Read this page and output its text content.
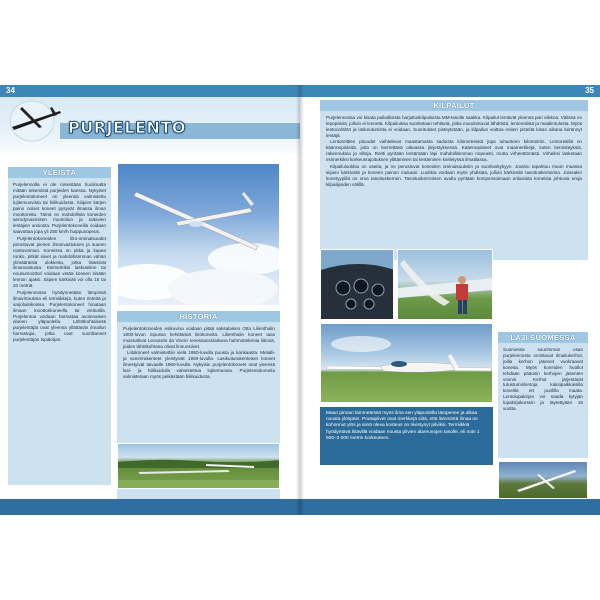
34
PURJELENTO
YLEISTÄ

Purjelennolla ei ole nimestään huolimatta mitään tekemistä purjeiden kanssa. Nykyiset purjelentokoneet on yleensä valmistettu lujitemuovista tai hiilikuidusta. Siiipien kärjen paino noiset koneet pysyvät ilmassa ilman moottoreita. Tämä on mahdollista koneiden aerodynaamisen muotoilun ja taitavien lentäjien ansiosta. Purjelentokoneilla voidaan saavuttaa jopa yli 250 km/h huippunopeus.

Purjelentokoneiden liito-ominaisuudet perustuvat pienen ilmanvastuksen ja suuren nostovoiman. Koneissa on pitkä ja kapea runko, pitkät siivet ja mahdollisimman vähän ylimääräisiä ulokkeita, jotka lisäisivät ilmanvastusta. Esimerkiksi laskuteline tai nousumoottori voidaan vetää koneen sisään lennon ajaksi. Siipien kärkiväli voi olla 15 tai 20 metriä.

Purjelennossa hyödynnetään lämpimiä ilmavirtauksia eli termiikkejä, kuten rinteitä ja varjolaisikoissa. Purjelentokoneet hinataan ilmaan moottorikoneella tai vintturilla. Purjelentoa voidaan harrastaa avoinnaisen alueen yläpuolella. Lähtökohtaisesti purjelentäjät ovat yleensä yllättävän ilmailun harrastajia, jotka ovat suorittaneet purjelentäjän lupakirjan.

HISTORIA

Purjelentokoneiden esikuvina voidaan pitää saksalaisen Otto Lilienthalin 1800-luvun lopussa kehittämiä liitokoneita. Lilienthalin koneet taas muistuttivat Leonardo da Vincin renessanssiaikana hahmottelemia liitimiä, joiden lähtökohtana olivat linnunsiivet.

Liitokoneet valmistettiin vielä 1950-luvulla puusta ja kankaasta. Metalli- ja vanerirakenteet yleistyivät 1950-luvulla. Lasikuiturakenteiset koneet ilmestyivät taivaalle 1960-luvulla. Nykyisin purjelentokoneet ovat yleensä lasi- ja hiilikuidulla vahvistettua lujitemuovia. Purjelentokoneita valmistetaan myös pelkästään hiilikuidusta.

35
KILPAILUT

Purjelennossa voi kisata paikallisista harjoituskilpailuista MM-tasolle saakka. Kilpailut lentävät yleensä pari viikkoa. Välissä on lepopäiviä, jolloin ei lennetä. Kilpailuissa suoritetaan tehtäviä, jotka muodostuvat lähdöstä, lentoreitistä ja maaliintulosta. Myös lentoonlähtö ja laskeutumista ei voidaan. Suoritukset pisteytetään, ja kilpailun voittaa eniten pisteitä kisan aikana kerännyt lentäjä.

Lentoreittien pituudet vaihtelevat maastamasta sadoista kilometreistä jopa tuhanteen kilometriin. Lentoreitillä on käännepisteitä, joita on kierrettävä oikeassa järjestyksessä. Käännepisteet ovat maamerkkejä, kuten tienristeyksiä, rakennuksia ja siltoja. Reitti pyritään lentämään läpi mahdollisimman nopeasti, mutta virheettömästi. Virheiksi lasketaan esimerkiksi korkeusrajoituksen ylittäminen tai lentäminen kielletyssä ilmatilassa.

Kilpailuluokkia on useita, ja ne perustuvat koneiden ominaisuuksiin ja suorituskykyyn. Joutsiu tapahtuu muun muassa siipien kärkivälin ja koneen painon mukaan. Luokkia voidaan myös yhdistää, jolloin kärkivälin tasoituskertoimia. Joissakin konetyypillä on oma tasoituskerroin. Tasoituskerrointen avulla pyritään kompensoimaan erilaisista koneista johtuvia eroja kilpailijoiden välillä.

LAJI SUOMESSA

Suomessa suurimman osan purjelennosta omistavat ilmailukerhot, joilla kerhon jäsenet vuokraavat koneita. Myös koneiden huollot tehdään pääosin kerhojen jäsenten voimin. Kerhot järjestävät tutustumislentoja kaksipaikkaisilla koneilla ert puolilla maata. Lentolupakirjan voi saada kytyjän lupakirjakurssin ja täytettyään 16 vuotta.

Maan pinnan lämmetessä myös ilma sen yläpuolella lämpenee ja alkaa nousta ylöspäin. Poutapilvet ovat merkkejä siitä, että lämmintä ilmaa on kohonnut ylös ja siinä oleva kosteus on tiivistynyt pilviksi. Termiikkiä hyödyntävä liitävillä voidaan nousta pilvien alareunojen tasolle, eli noin 1 500–3 000 metrin korkeuteen.
